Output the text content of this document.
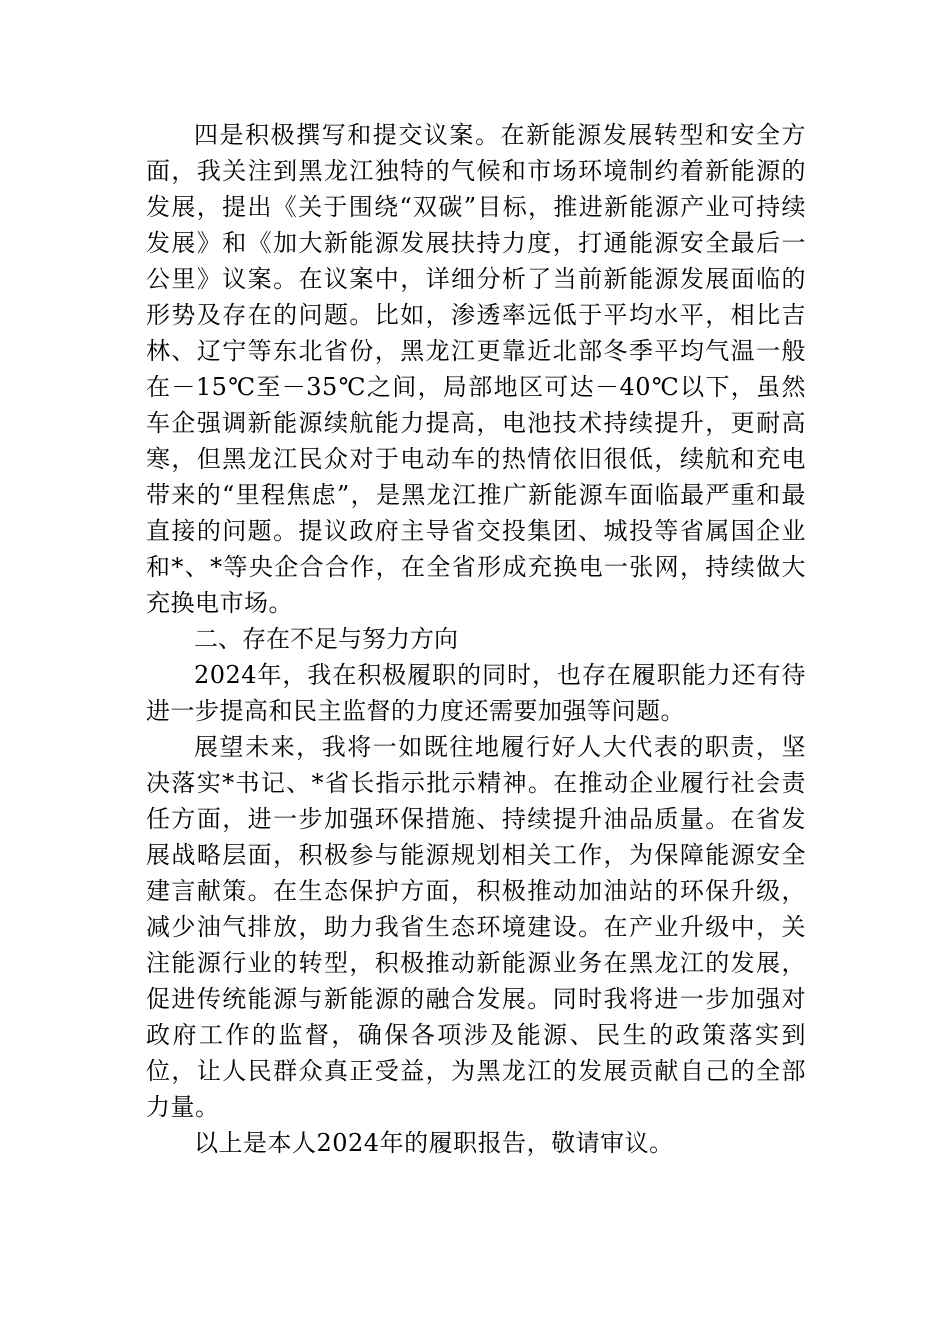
四是积极撰写和提交议案。在新能源发展转型和安全方面，我关注到黑龙江独特的气候和市场环境制约着新能源的发展，提出《关于围绕“双碳”目标，推进新能源产业可持续发展》和《加大新能源发展扶持力度，打通能源安全最后一公里》议案。在议案中，详细分析了当前新能源发展面临的形势及存在的问题。比如，渗透率远低于平均水平，相比吉林、辽宁等东北省份，黑龙江更靠近北部冬季平均气温一般在－15℃至－35℃之间，局部地区可达－40℃以下，虽然车企强调新能源续航能力提高，电池技术持续提升，更耐高寒，但黑龙江民众对于电动车的热情依旧很低，续航和充电带来的“里程焦虑”，是黑龙江推广新能源车面临最严重和最直接的问题。提议政府主导省交投集团、城投等省属国企业和*、*等央企合合作，在全省形成充换电一张网，持续做大充换电市场。

二、存在不足与努力方向

2024年，我在积极履职的同时，也存在履职能力还有待进一步提高和民主监督的力度还需要加强等问题。

展望未来，我将一如既往地履行好人大代表的职责，坚决落实*书记、*省长指示批示精神。在推动企业履行社会责任方面，进一步加强环保措施、持续提升油品质量。在省发展战略层面，积极参与能源规划相关工作，为保障能源安全建言献策。在生态保护方面，积极推动加油站的环保升级，减少油气排放，助力我省生态环境建设。在产业升级中，关注能源行业的转型，积极推动新能源业务在黑龙江的发展，促进传统能源与新能源的融合发展。同时我将进一步加强对政府工作的监督，确保各项涉及能源、民生的政策落实到位，让人民群众真正受益，为黑龙江的发展贡献自己的全部力量。

以上是本人2024年的履职报告，敬请审议。
